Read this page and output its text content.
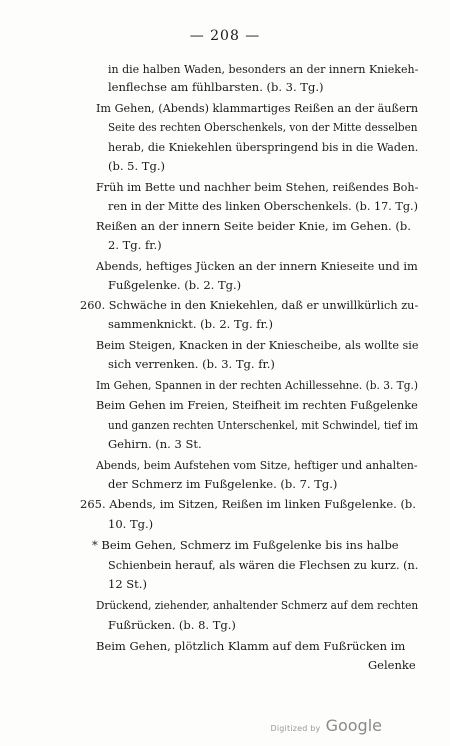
— 208 —
in die halben Waden, besonders an der innern Kniekeh-
lenflechse am fühlbarsten. (b. 3. Tg.)
Im Gehen, (Abends) klammartiges Reißen an der äußern
Seite des rechten Oberschenkels, von der Mitte desselben
herab, die Kniekehlen überspringend bis in die Waden.
(b. 5. Tg.)
Früh im Bette und nachher beim Stehen, reißendes Boh-
ren in der Mitte des linken Oberschenkels. (b. 17. Tg.)
Reißen an der innern Seite beider Knie, im Gehen. (b.
2. Tg. fr.)
Abends, heftiges Jücken an der innern Knieseite und im
Fußgelenke. (b. 2. Tg.)
260. Schwäche in den Kniekehlen, daß er unwillkürlich zu-
sammenknickt. (b. 2. Tg. fr.)
Beim Steigen, Knacken in der Kniescheibe, als wollte sie
sich verrenken. (b. 3. Tg. fr.)
Im Gehen, Spannen in der rechten Achillessehne. (b. 3. Tg.)
Beim Gehen im Freien, Steifheit im rechten Fußgelenke
und ganzen rechten Unterschenkel, mit Schwindel, tief im
Gehirn. (n. 3 St.
Abends, beim Aufstehen vom Sitze, heftiger und anhalten-
der Schmerz im Fußgelenke. (b. 7. Tg.)
265. Abends, im Sitzen, Reißen im linken Fußgelenke. (b.
10. Tg.)
* Beim Gehen, Schmerz im Fußgelenke bis ins halbe
Schienbein herauf, als wären die Flechsen zu kurz. (n.
12 St.)
Drückend, ziehender, anhaltender Schmerz auf dem rechten
Fußrücken. (b. 8. Tg.)
Beim Gehen, plötzlich Klamm auf dem Fußrücken im
Gelenke
Digitized by Google
